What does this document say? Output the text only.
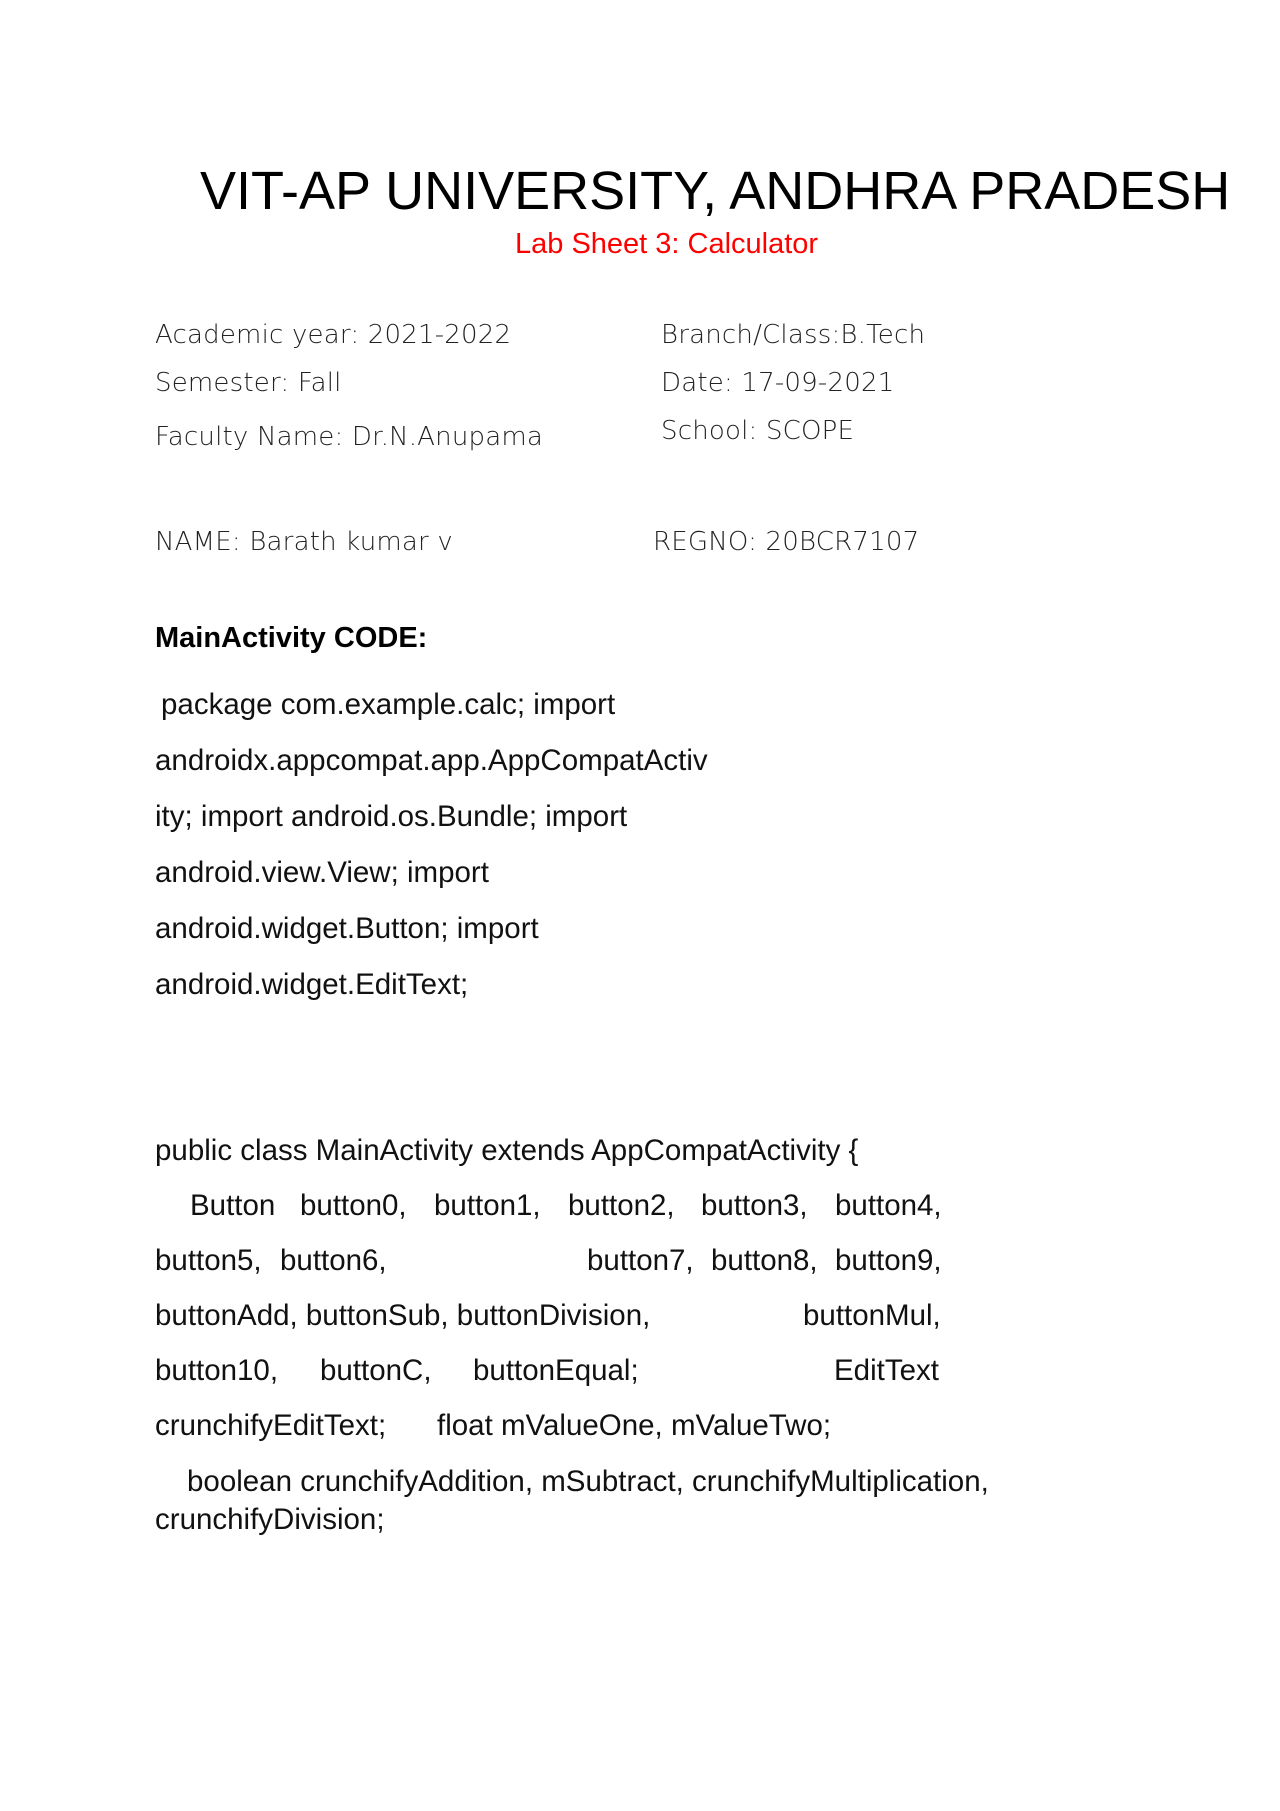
VIT-AP UNIVERSITY, ANDHRA PRADESH
Lab Sheet 3: Calculator
Academic year: 2021-2022	Branch/Class:B.Tech
Semester: Fall	Date: 17-09-2021
Faculty Name: Dr.N.Anupama	School: SCOPE
NAME: Barath kumar v	REGNO: 20BCR7107
MainActivity CODE:
package com.example.calc; import
androidx.appcompat.app.AppCompatActiv
ity; import android.os.Bundle; import
android.view.View; import
android.widget.Button; import
android.widget.EditText;
public class MainActivity extends AppCompatActivity {
Button button0, button1, button2, button3, button4,
button5, button6,	button7, button8, button9,
buttonAdd, buttonSub, buttonDivision,	buttonMul,
button10, buttonC, buttonEqual;	EditText
crunchifyEditText; float mValueOne, mValueTwo;
boolean crunchifyAddition, mSubtract, crunchifyMultiplication,
crunchifyDivision;
